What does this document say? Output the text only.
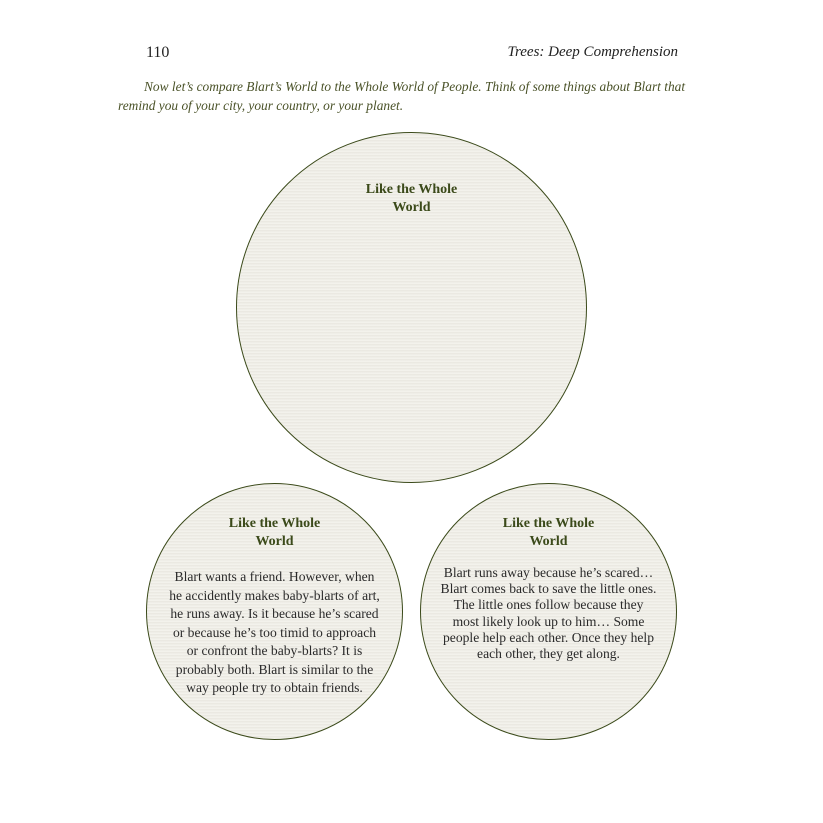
110	Trees: Deep Comprehension

Now let’s compare Blart’s World to the Whole World of People. Think of some things about Blart that remind you of your city, your country, or your planet.

Like the Whole World
Like the Whole World
Blart wants a friend. However, when he accidently makes baby-blarts of art, he runs away. Is it because he’s scared or because he’s too timid to approach or confront the baby-blarts? It is probably both. Blart is similar to the way people try to obtain friends.
Like the Whole World
Blart runs away because he’s scared… Blart comes back to save the little ones. The little ones follow because they most likely look up to him… Some people help each other. Once they help each other, they get along.
